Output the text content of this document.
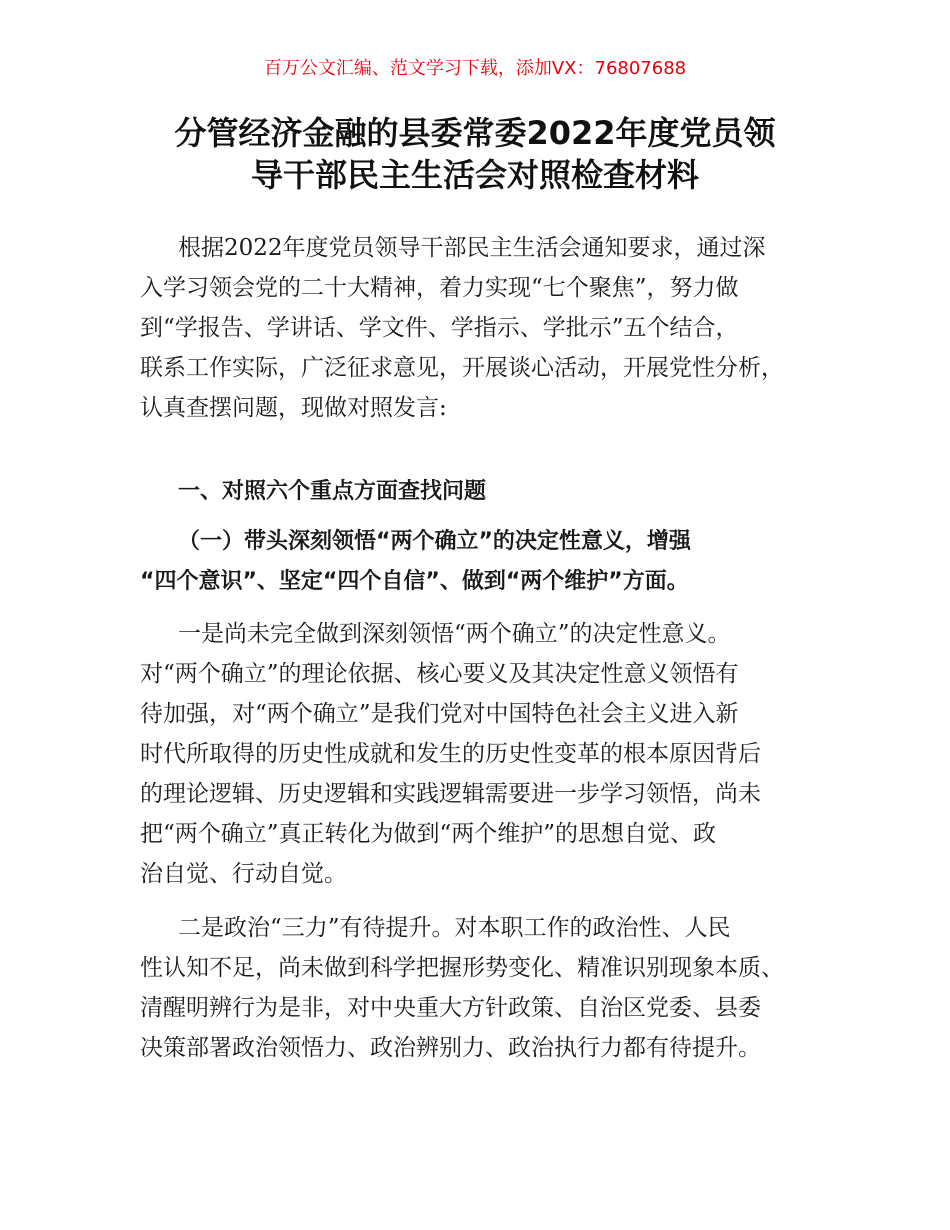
百万公文汇编、范文学习下载，添加VX：76807688
分管经济金融的县委常委2022年度党员领
导干部民主生活会对照检查材料
根据2022年度党员领导干部民主生活会通知要求，通过深
入学习领会党的二十大精神，着力实现“七个聚焦”，努力做
到“学报告、学讲话、学文件、学指示、学批示”五个结合，
联系工作实际，广泛征求意见，开展谈心活动，开展党性分析，
认真查摆问题，现做对照发言:
一、对照六个重点方面查找问题
（一）带头深刻领悟“两个确立”的决定性意义，增强
“四个意识”、坚定“四个自信”、做到“两个维护”方面。
一是尚未完全做到深刻领悟“两个确立”的决定性意义。
对“两个确立”的理论依据、核心要义及其决定性意义领悟有
待加强，对“两个确立”是我们党对中国特色社会主义进入新
时代所取得的历史性成就和发生的历史性变革的根本原因背后
的理论逻辑、历史逻辑和实践逻辑需要进一步学习领悟，尚未
把“两个确立”真正转化为做到“两个维护”的思想自觉、政
治自觉、行动自觉。
二是政治“三力”有待提升。对本职工作的政治性、人民
性认知不足，尚未做到科学把握形势变化、精准识别现象本质、
清醒明辨行为是非，对中央重大方针政策、自治区党委、县委
决策部署政治领悟力、政治辨别力、政治执行力都有待提升。
